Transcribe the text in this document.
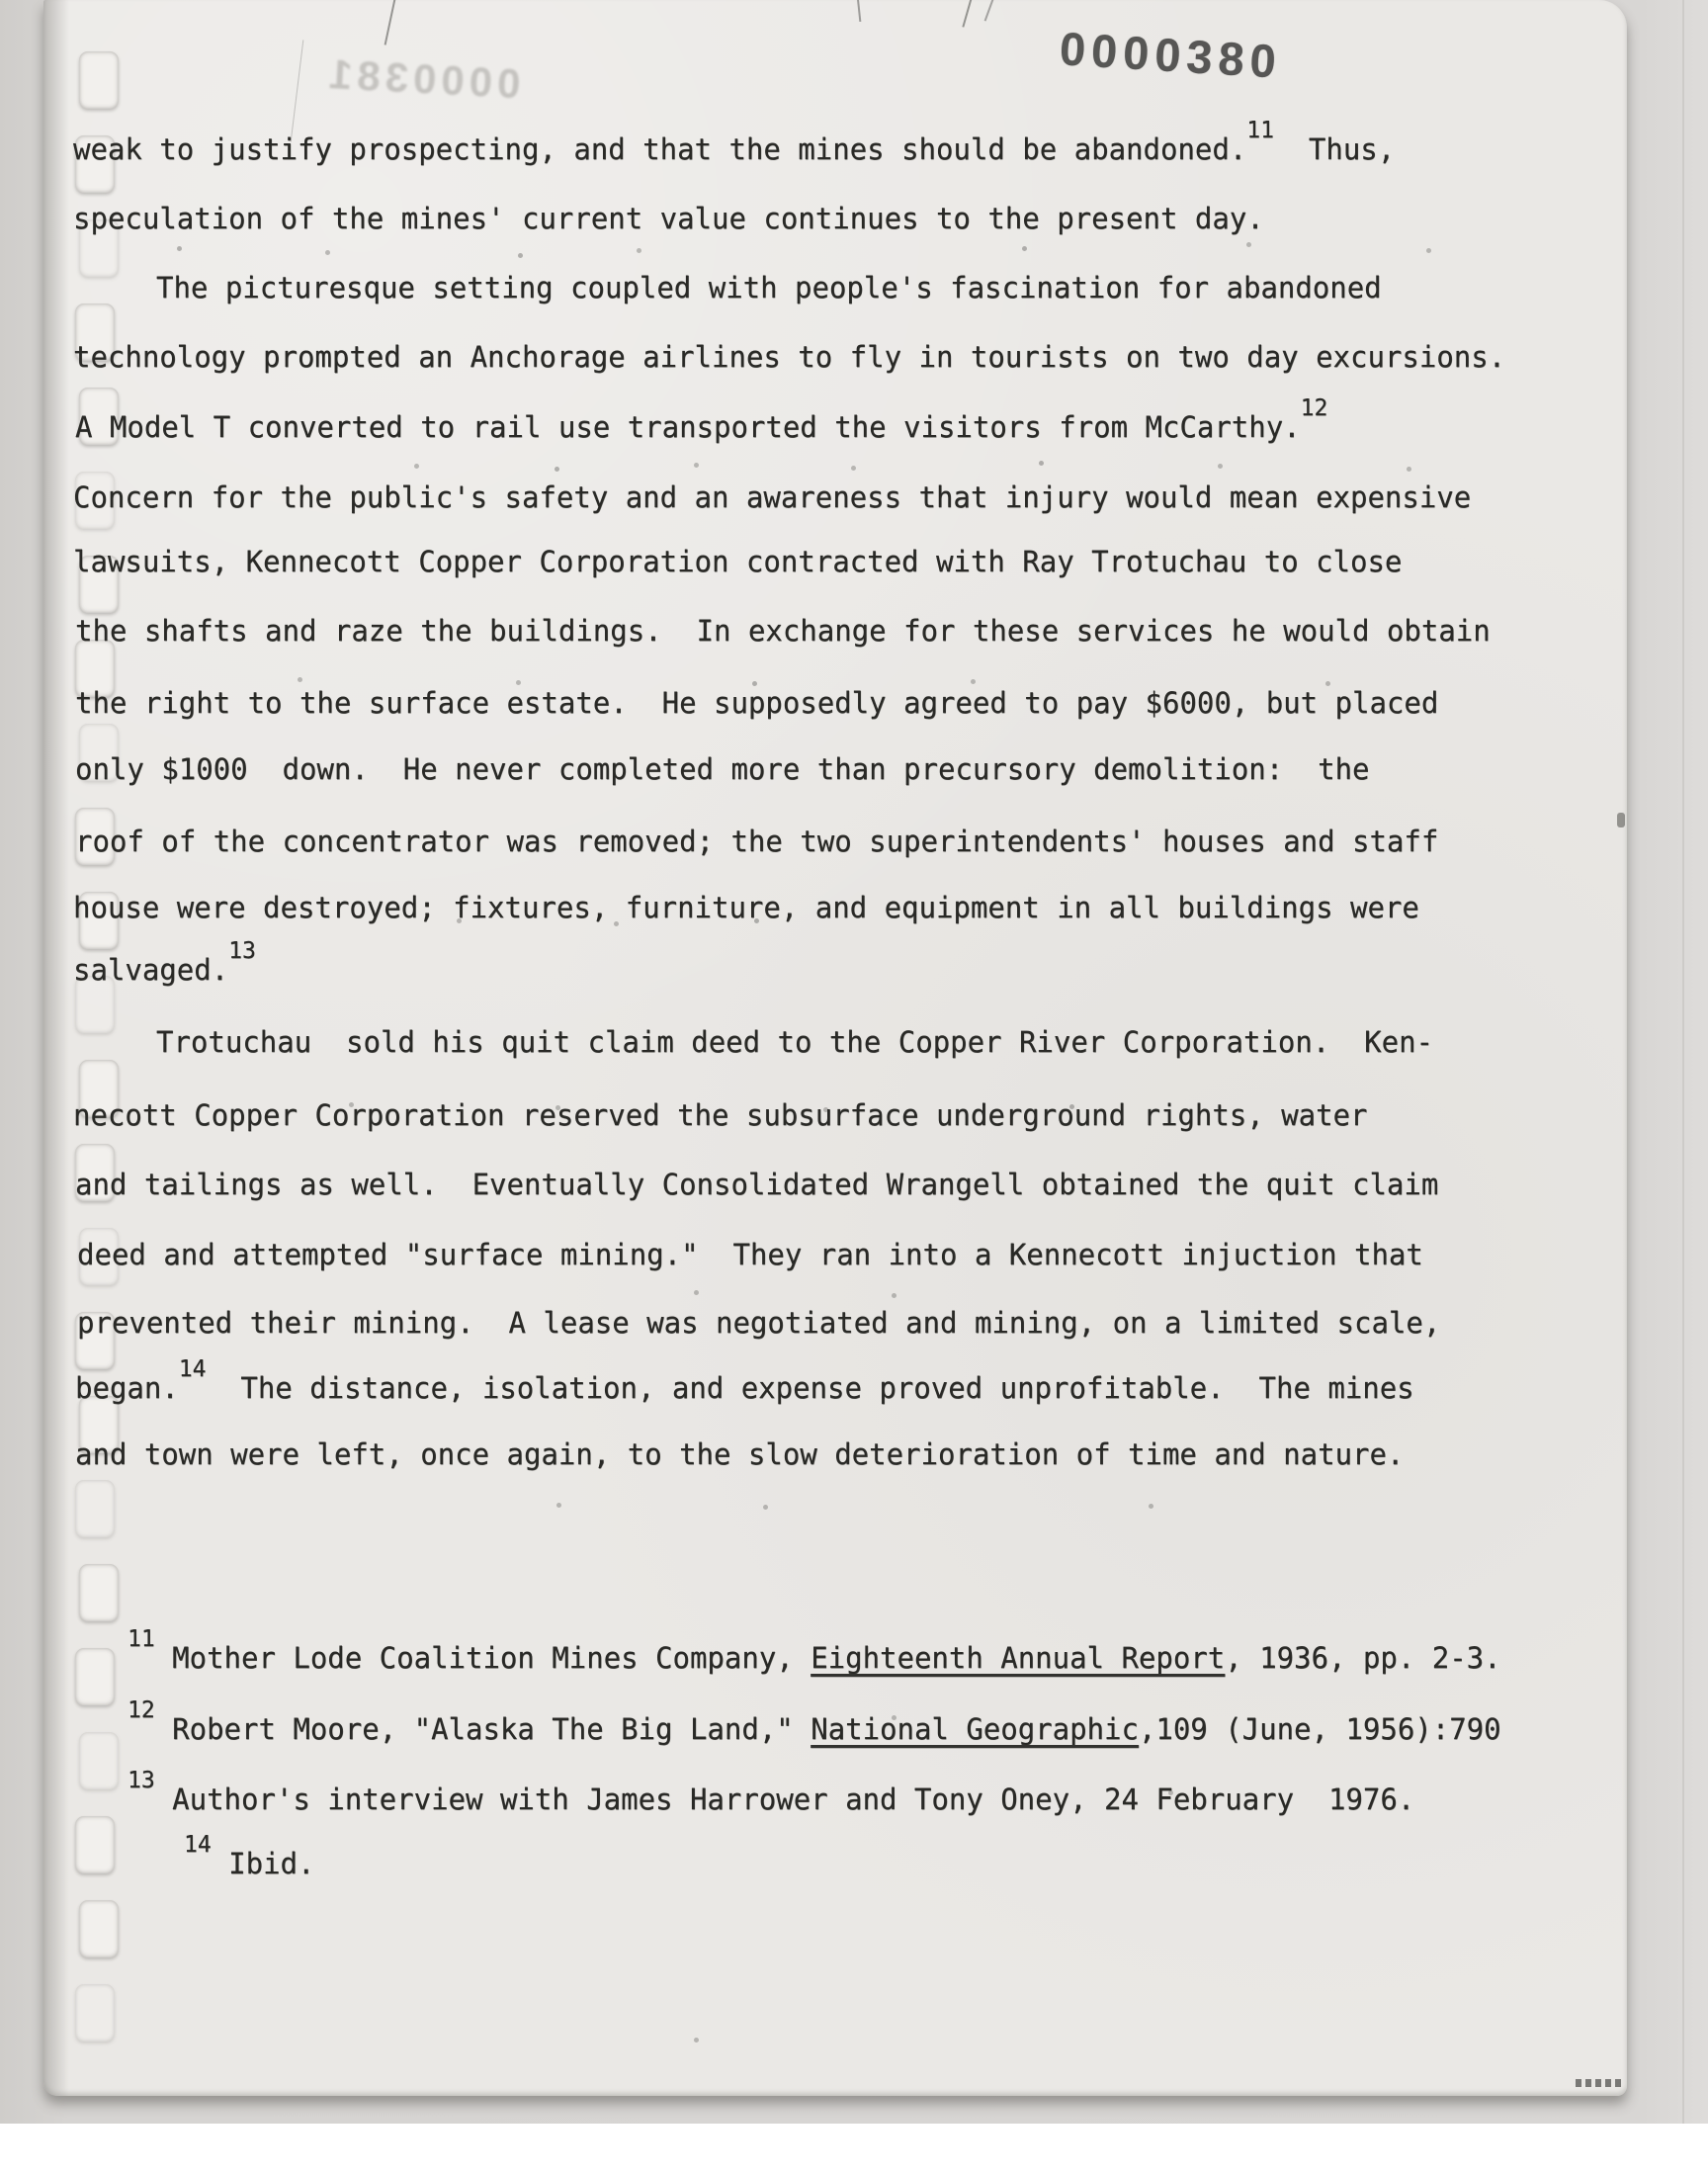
0000380
0000381
weak to justify prospecting, and that the mines should be abandoned.$^{11}$  Thus,
speculation of the mines' current value continues to the present day.
The picturesque setting coupled with people's fascination for abandoned
technology prompted an Anchorage airlines to fly in tourists on two day excursions.
A Model T converted to rail use transported the visitors from McCarthy.$^{12}$
Concern for the public's safety and an awareness that injury would mean expensive
lawsuits, Kennecott Copper Corporation contracted with Ray Trotuchau to close
the shafts and raze the buildings.  In exchange for these services he would obtain
the right to the surface estate.  He supposedly agreed to pay $6000, but placed
only $1000  down.  He never completed more than precursory demolition:  the
roof of the concentrator was removed; the two superintendents' houses and staff
house were destroyed; fixtures, furniture, and equipment in all buildings were
salvaged.$^{13}$
Trotuchau  sold his quit claim deed to the Copper River Corporation.  Ken-
necott Copper Corporation reserved the subsurface underground rights, water
and tailings as well.  Eventually Consolidated Wrangell obtained the quit claim
deed and attempted "surface mining."  They ran into a Kennecott injuction that
prevented their mining.  A lease was negotiated and mining, on a limited scale,
began.$^{14}$  The distance, isolation, and expense proved unprofitable.  The mines
and town were left, once again, to the slow deterioration of time and nature.
$^{11}$ Mother Lode Coalition Mines Company, Eighteenth Annual Report, 1936, pp. 2-3.
$^{12}$ Robert Moore, "Alaska The Big Land," National Geographic,109 (June, 1956):790
$^{13}$ Author's interview with James Harrower and Tony Oney, 24 February  1976.
$^{14}$ Ibid.
